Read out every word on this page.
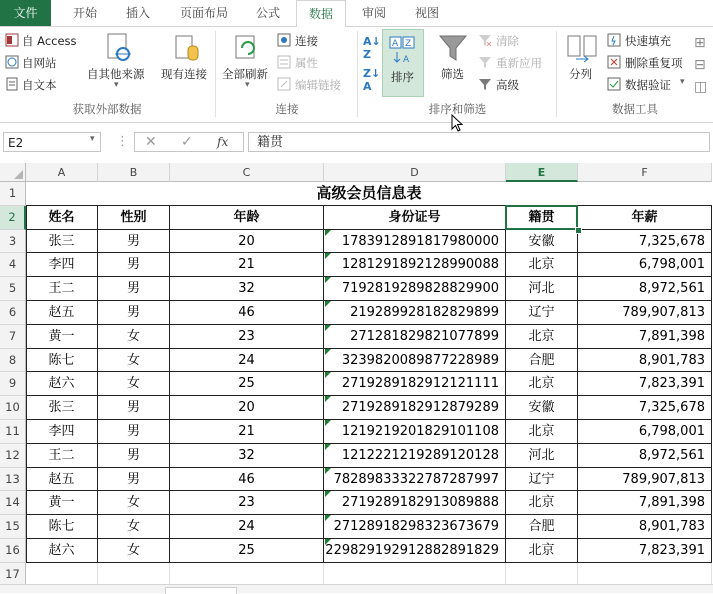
文件	开始	插入	页面布局	公式	数据	审阅	视图
自 Access
自网站
自文本
自其他来源
▾
现有连接
获取外部数据
全部刷新
▾
连接
属性
编辑链接
连接
A↓
Z
Z↓
A
A Z
A
排序 筛选
清除
重新应用
高级
排序和筛选
分列
快速填充
删除重复项
数据验证 ▾
⊞
⊟
◫
数据工具
E2	▾ ⋮ ✕ ✓ fx	籍贯
A	B	C	D	E	F
1
2
3
4
5
6
7
8
9
10
11
12
13
14
15
16
17
高级会员信息表
姓名	性别	年龄	身份证号	籍贯	年薪
张三	男	20	1783912891817980000	安徽	7,325,678
李四	男	21	1281291892128990088	北京	6,798,001
王二	男	32	7192819289828829900	河北	8,972,561
赵五	男	46	219289928182829899	辽宁	789,907,813
黄一	女	23	271281829821077899	北京	7,891,398
陈七	女	24	3239820089877228989	合肥	8,901,783
赵六	女	25	271928918291212111​1	北京	7,823,391
张三	男	20	271928918291287928​9	安徽	7,325,678
李四	男	21	1219219201829101108	北京	6,798,001
王二	男	32	1212221219289120128	河北	8,972,561
赵五	男	46	782898333227872879​97	辽宁	789,907,813
黄一	女	23	271928918291308988​8	北京	7,891,398
陈七	女	24	2712891829832367367​9	合肥	8,901,783
赵六	女	25	229829192912882891829	北京	7,823,391
